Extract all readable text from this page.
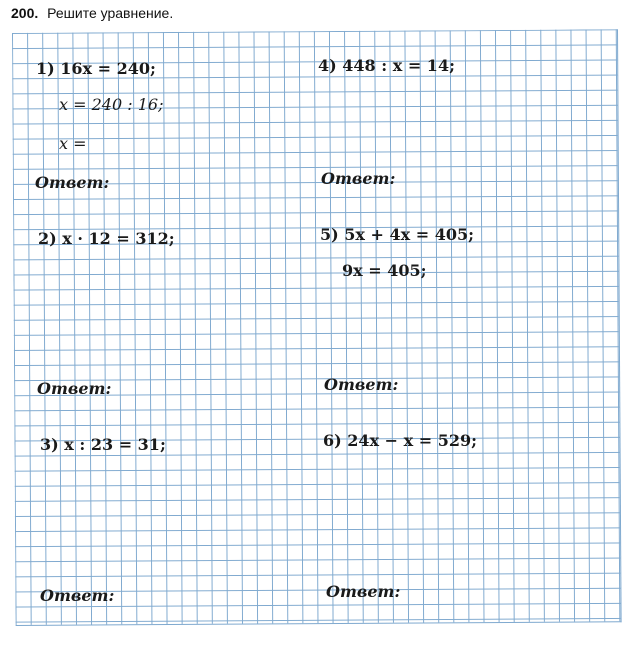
200. Решите уравнение.
1) 16x = 240;
x = 240 : 16;
x =
Ответ:
2) x · 12 = 312;
Ответ:
3) x : 23 = 31;
Ответ:
4) 448 : x = 14;
Ответ:
5) 5x + 4x = 405;
9x = 405;
Ответ:
6) 24x − x = 529;
Ответ:
